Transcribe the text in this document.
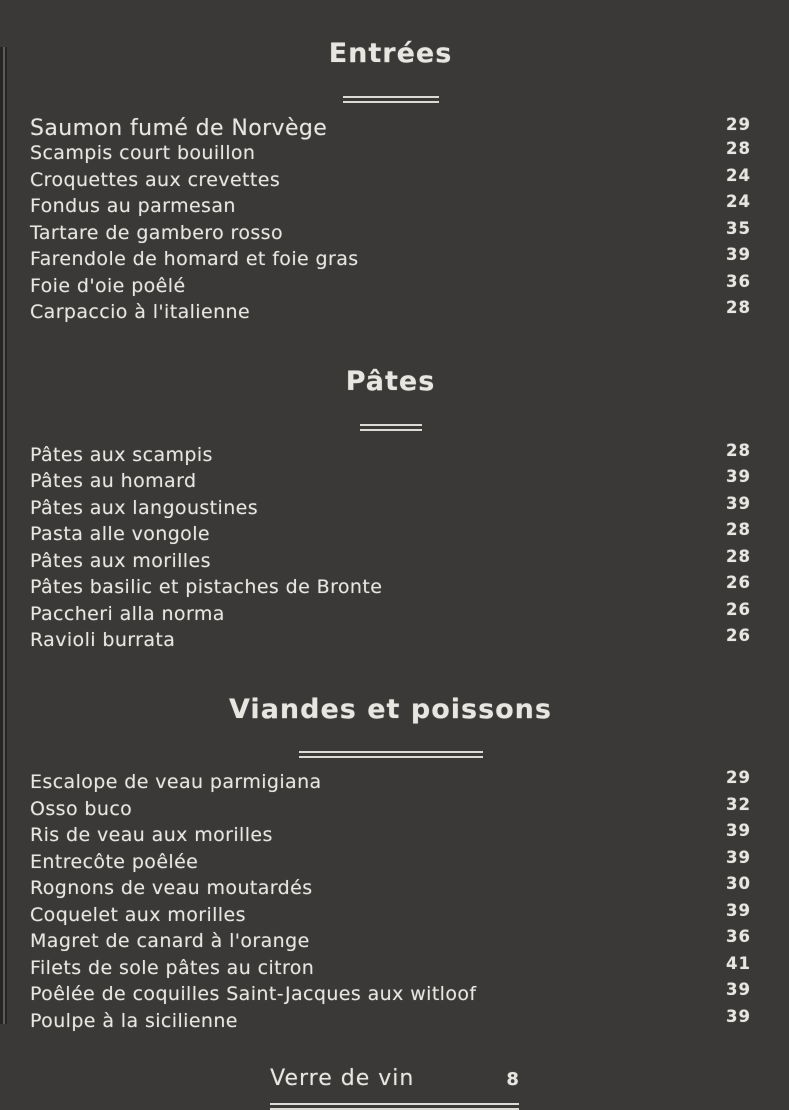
Entrées
Saumon fumé de Norvège	29
Scampis court bouillon	28
Croquettes aux crevettes	24
Fondus au parmesan	24
Tartare de gambero rosso	35
Farendole de homard et foie gras	39
Foie d'oie poêlé	36
Carpaccio à l'italienne	28
Pâtes
Pâtes aux scampis	28
Pâtes au homard	39
Pâtes aux langoustines	39
Pasta alle vongole	28
Pâtes aux morilles	28
Pâtes basilic et pistaches de Bronte	26
Paccheri alla norma	26
Ravioli burrata	26
Viandes et poissons
Escalope de veau parmigiana	29
Osso buco	32
Ris de veau aux morilles	39
Entrecôte poêlée	39
Rognons de veau moutardés	30
Coquelet aux morilles	39
Magret de canard à l'orange	36
Filets de sole pâtes au citron	41
Poêlée de coquilles Saint-Jacques aux witloof	39
Poulpe à la sicilienne	39
Verre de vin	8
